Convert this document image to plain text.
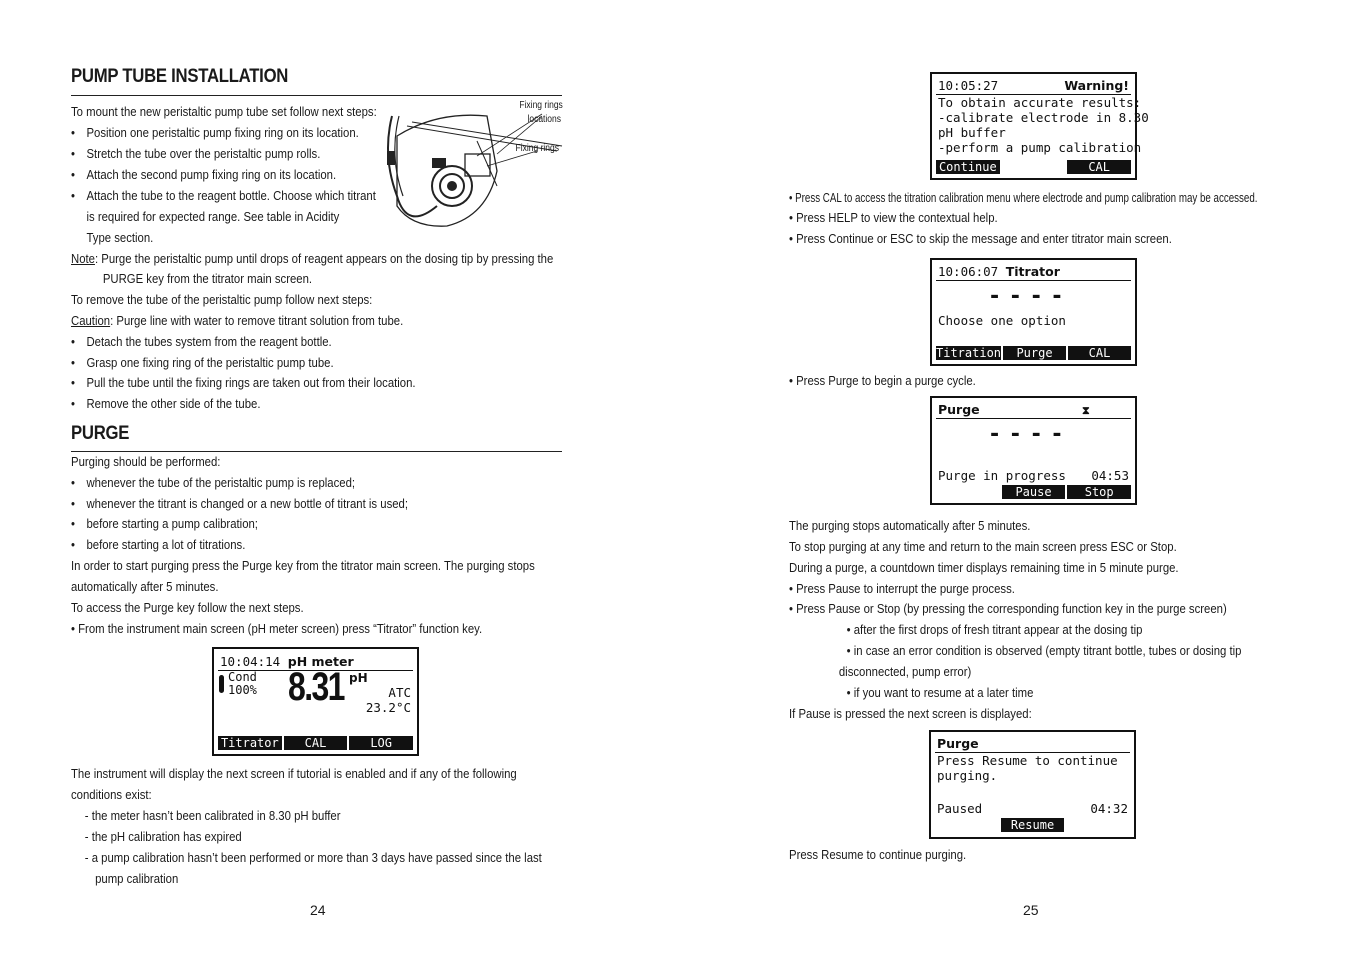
PUMP TUBE INSTALLATION
To mount the new peristaltic pump tube set follow next steps:
• Position one peristaltic pump fixing ring on its location.
• Stretch the tube over the peristaltic pump rolls.
• Attach the second pump fixing ring on its location.
• Attach the tube to the reagent bottle. Choose which titrant
is required for expected range. See table in Acidity
Type section.
Fixing rings
locations
Fixing rings
Note: Purge the peristaltic pump until drops of reagent appears on the dosing tip by pressing the
PURGE key from the titrator main screen.
To remove the tube of the peristaltic pump follow next steps:
Caution: Purge line with water to remove titrant solution from tube.
• Detach the tubes system from the reagent bottle.
• Grasp one fixing ring of the peristaltic pump tube.
• Pull the tube until the fixing rings are taken out from their location.
• Remove the other side of the tube.
PURGE
Purging should be performed:
• whenever the tube of the peristaltic pump is replaced;
• whenever the titrant is changed or a new bottle of titrant is used;
• before starting a pump calibration;
• before starting a lot of titrations.
In order to start purging press the Purge key from the titrator main screen. The purging stops
automatically after 5 minutes.
To access the Purge key follow the next steps.
• From the instrument main screen (pH meter screen) press “Titrator” function key.
10:04:14 pH meter
Cond
100% 8.31 pH
ATC
23.2°C
Titrator	CAL	LOG
The instrument will display the next screen if tutorial is enabled and if any of the following
conditions exist:
- the meter hasn’t been calibrated in 8.30 pH buffer
- the pH calibration has expired
- a pump calibration hasn’t been performed or more than 3 days have passed since the last
pump calibration
24
10:05:27	Warning!
To obtain accurate results:
-calibrate electrode in 8.30
pH buffer
-perform a pump calibration
Continue	CAL
• Press CAL to access the titration calibration menu where electrode and pump calibration may be accessed.
• Press HELP to view the contextual help.
• Press Continue or ESC to skip the message and enter titrator main screen.
10:06:07 Titrator
- - - -
Choose one option
Titration	Purge	CAL
• Press Purge to begin a purge cycle.
Purge	⧗
- - - -
Purge in progress	04:53
Pause	Stop
The purging stops automatically after 5 minutes.
To stop purging at any time and return to the main screen press ESC or Stop.
During a purge, a countdown timer displays remaining time in 5 minute purge.
• Press Pause to interrupt the purge process.
• Press Pause or Stop (by pressing the corresponding function key in the purge screen)
• after the first drops of fresh titrant appear at the dosing tip
• in case an error condition is observed (empty titrant bottle, tubes or dosing tip
disconnected, pump error)
• if you want to resume at a later time
If Pause is pressed the next screen is displayed:
Purge
Press Resume to continue
purging.
Paused	04:32
Resume
Press Resume to continue purging.
25
